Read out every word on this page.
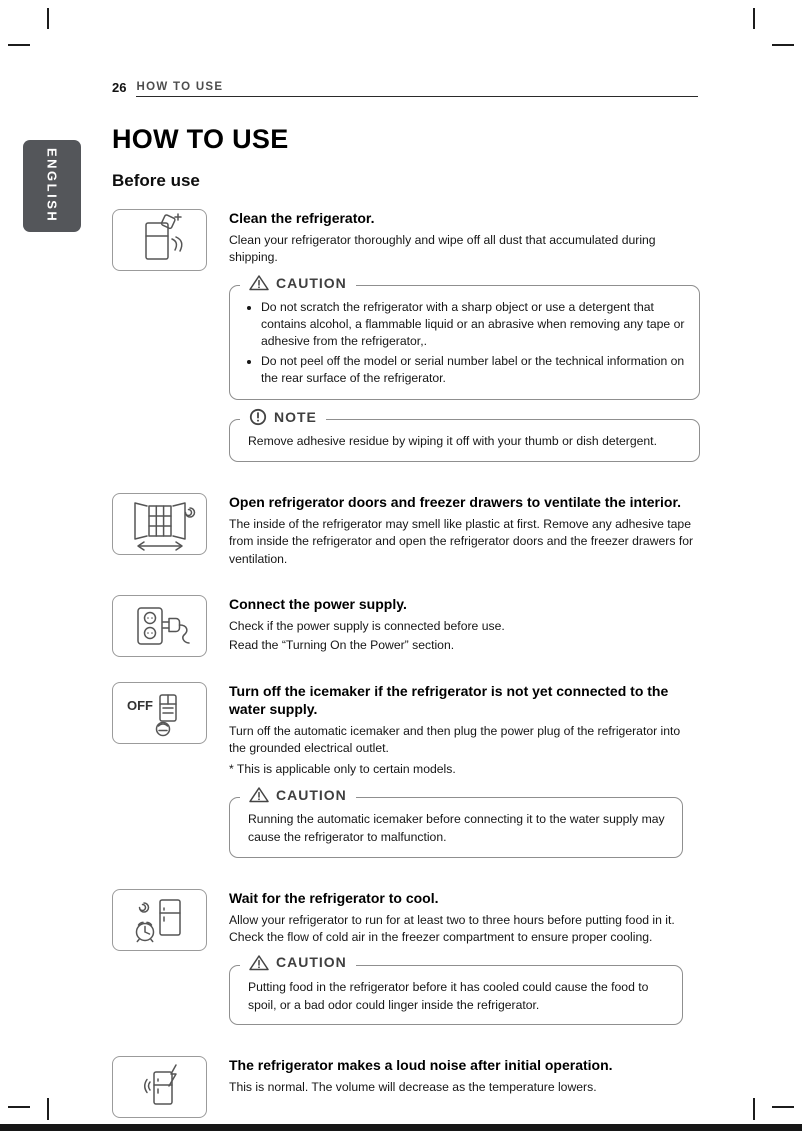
26 HOW TO USE
ENGLISH
HOW TO USE
Before use
Clean the refrigerator.

Clean your refrigerator thoroughly and wipe off all dust that accumulated during shipping.

CAUTION
• Do not scratch the refrigerator with a sharp object or use a detergent that contains alcohol, a flammable liquid or an abrasive when removing any tape or adhesive from the refrigerator,.
• Do not peel off the model or serial number label or the technical information on the rear surface of the refrigerator.
NOTE

Remove adhesive residue by wiping it off with your thumb or dish detergent.

Open refrigerator doors and freezer drawers to ventilate the interior.

The inside of the refrigerator may smell like plastic at first. Remove any adhesive tape from inside the refrigerator and open the refrigerator doors and the freezer drawers for ventilation.

Connect the power supply.

Check if the power supply is connected before use.

Read the “Turning On the Power” section.

OFF
Turn off the icemaker if the refrigerator is not yet connected to the water supply.

Turn off the automatic icemaker and then plug the power plug of the refrigerator into the grounded electrical outlet.

* This is applicable only to certain models.

CAUTION

Running the automatic icemaker before connecting it to the water supply may cause the refrigerator to malfunction.

Wait for the refrigerator to cool.

Allow your refrigerator to run for at least two to three hours before putting food in it. Check the flow of cold air in the freezer compartment to ensure proper cooling.

CAUTION

Putting food in the refrigerator before it has cooled could cause the food to spoil, or a bad odor could linger inside the refrigerator.

The refrigerator makes a loud noise after initial operation.

This is normal. The volume will decrease as the temperature lowers.
